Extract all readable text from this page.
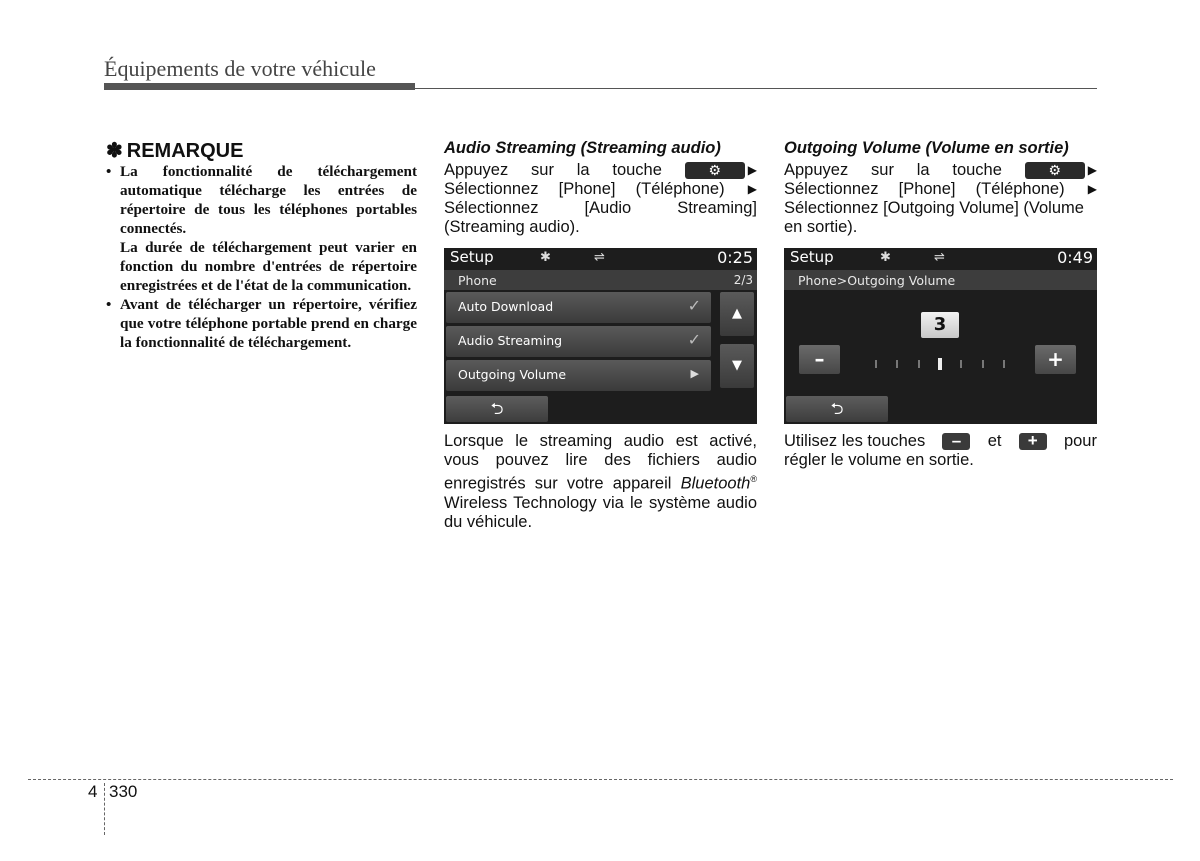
Équipements de votre véhicule
✽ REMARQUE
• La fonctionnalité de téléchargement automatique télécharge les entrées de répertoire de tous les téléphones portables connectés.

La durée de téléchargement peut varier en fonction du nombre d'entrées de répertoire enregistrées et de l'état de la communication.

• Avant de télécharger un répertoire, vérifiez que votre téléphone portable prend en charge la fonctionnalité de téléchargement.

Audio Streaming (Streaming audio)
Appuyez sur la touche	⚙ ▶
Sélectionnez [Phone] (Téléphone) ▶
Sélectionnez	[Audio	Streaming]
(Streaming audio).
Setup	✱	⇌	0:25
Phone	2/3
Auto Download	✓
Audio Streaming	✓
Outgoing Volume	▶
▲
▼
⮌
Lorsque le streaming audio est activé, vous pouvez lire des fichiers audio enregistrés sur votre appareil Bluetooth® Wireless Technology via le système audio du véhicule.
Outgoing Volume (Volume en sortie)
Appuyez sur la touche	⚙ ▶
Sélectionnez [Phone] (Téléphone) ▶
Sélectionnez [Outgoing Volume] (Volume en sortie).
Setup	✱	⇌	0:49
Phone>Outgoing Volume
3
–	+
⮌
Utilisez les touches	–	et	+	pour
régler le volume en sortie.
4 330
